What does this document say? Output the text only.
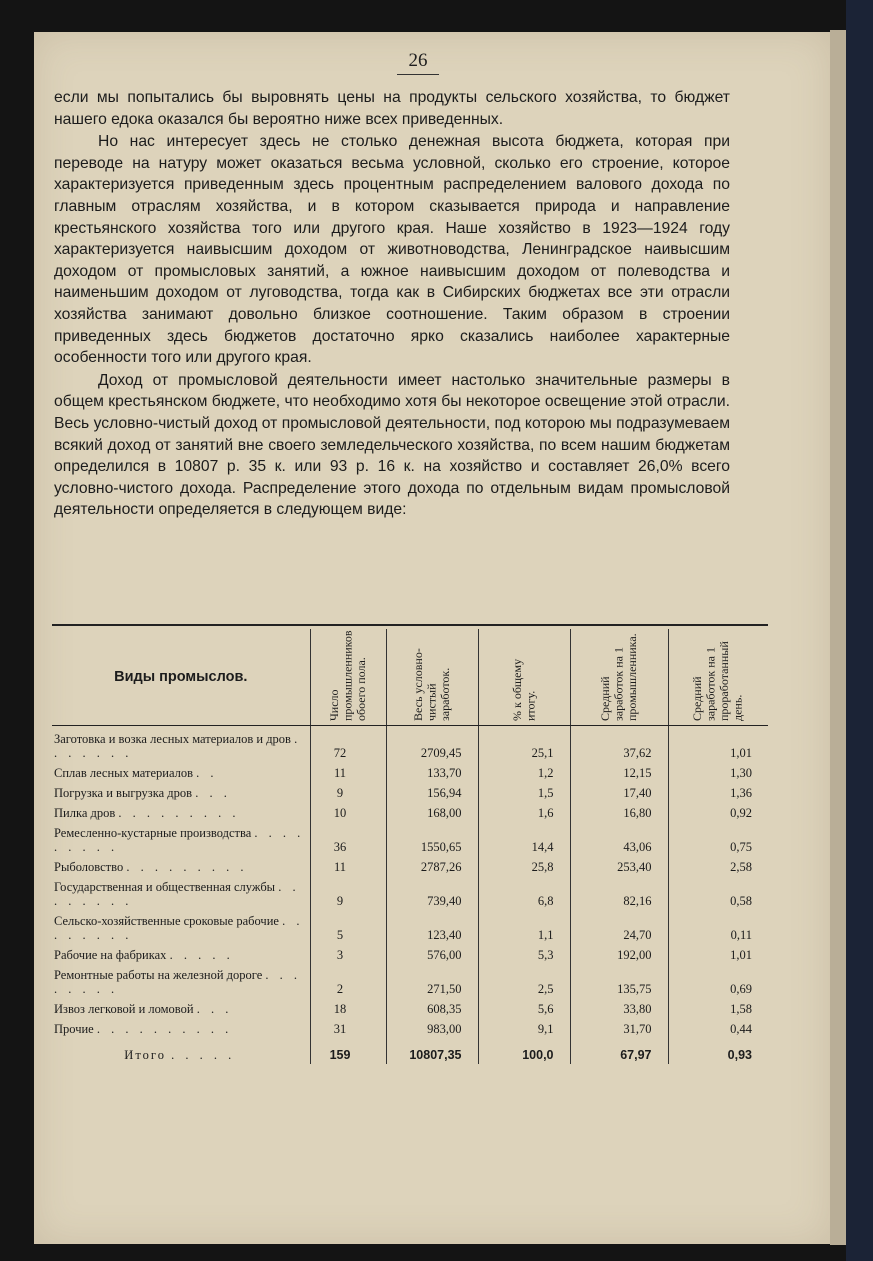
26

если мы попытались бы выровнять цены на продукты сельского хозяйства, то бюджет нашего едока оказался бы вероятно ниже всех приведенных.

Но нас интересует здесь не столько денежная высота бюджета, которая при переводе на натуру может оказаться весьма условной, сколько его строение, которое характеризуется приведенным здесь процентным распределением валового дохода по главным отраслям хозяйства, и в котором сказывается природа и направление крестьянского хозяйства того или другого края. Наше хозяйство в 1923—1924 году характеризуется наивысшим доходом от животноводства, Ленинградское наивысшим доходом от промысловых занятий, а южное наивысшим доходом от полеводства и наименьшим доходом от луговодства, тогда как в Сибирских бюджетах все эти отрасли хозяйства занимают довольно близкое соотношение. Таким образом в строении приведенных здесь бюджетов достаточно ярко сказались наиболее характерные особенности того или другого края.

Доход от промысловой деятельности имеет настолько значительные размеры в общем крестьянском бюджете, что необходимо хотя бы некоторое освещение этой отрасли. Весь условно-чистый доход от промысловой деятельности, под которою мы подразумеваем всякий доход от занятий вне своего земледельческого хозяйства, по всем нашим бюджетам определился в 10807 р. 35 к. или 93 р. 16 к. на хозяйство и составляет 26,0% всего условно-чистого дохода. Распределение этого дохода по отдельным видам промысловой деятельности определяется в следующем виде:

Виды промыслов.	Число промышленников обоего пола.	Весь условно-чистый заработок.	% к общему итогу.	Средний заработок на 1 промышленника.	Средний заработок на 1 проработанный день.

Заготовка и возка лесных материалов и дров . . . . . . .	72	2709,45	25,1	37,62	1,01
Сплав лесных материалов . .	11	133,70	1,2	12,15	1,30
Погрузка и выгрузка дров . . .	9	156,94	1,5	17,40	1,36
Пилка дров . . . . . . . . .	10	168,00	1,6	16,80	0,92
Ремесленно-кустарные производства . . . . . . . . .	36	1550,65	14,4	43,06	0,75
Рыболовство . . . . . . . . .	11	2787,26	25,8	253,40	2,58
Государственная и общественная службы . . . . . . . .	9	739,40	6,8	82,16	0,58
Сельско-хозяйственные сроковые рабочие . . . . . . . .	5	123,40	1,1	24,70	0,11
Рабочие на фабриках . . . . .	3	576,00	5,3	192,00	1,01
Ремонтные работы на железной дороге . . . . . . . .	2	271,50	2,5	135,75	0,69
Извоз легковой и ломовой . . .	18	608,35	5,6	33,80	1,58
Прочие . . . . . . . . . .	31	983,00	9,1	31,70	0,44
Итого . . . . .	159	10807,35	100,0	67,97	0,93
